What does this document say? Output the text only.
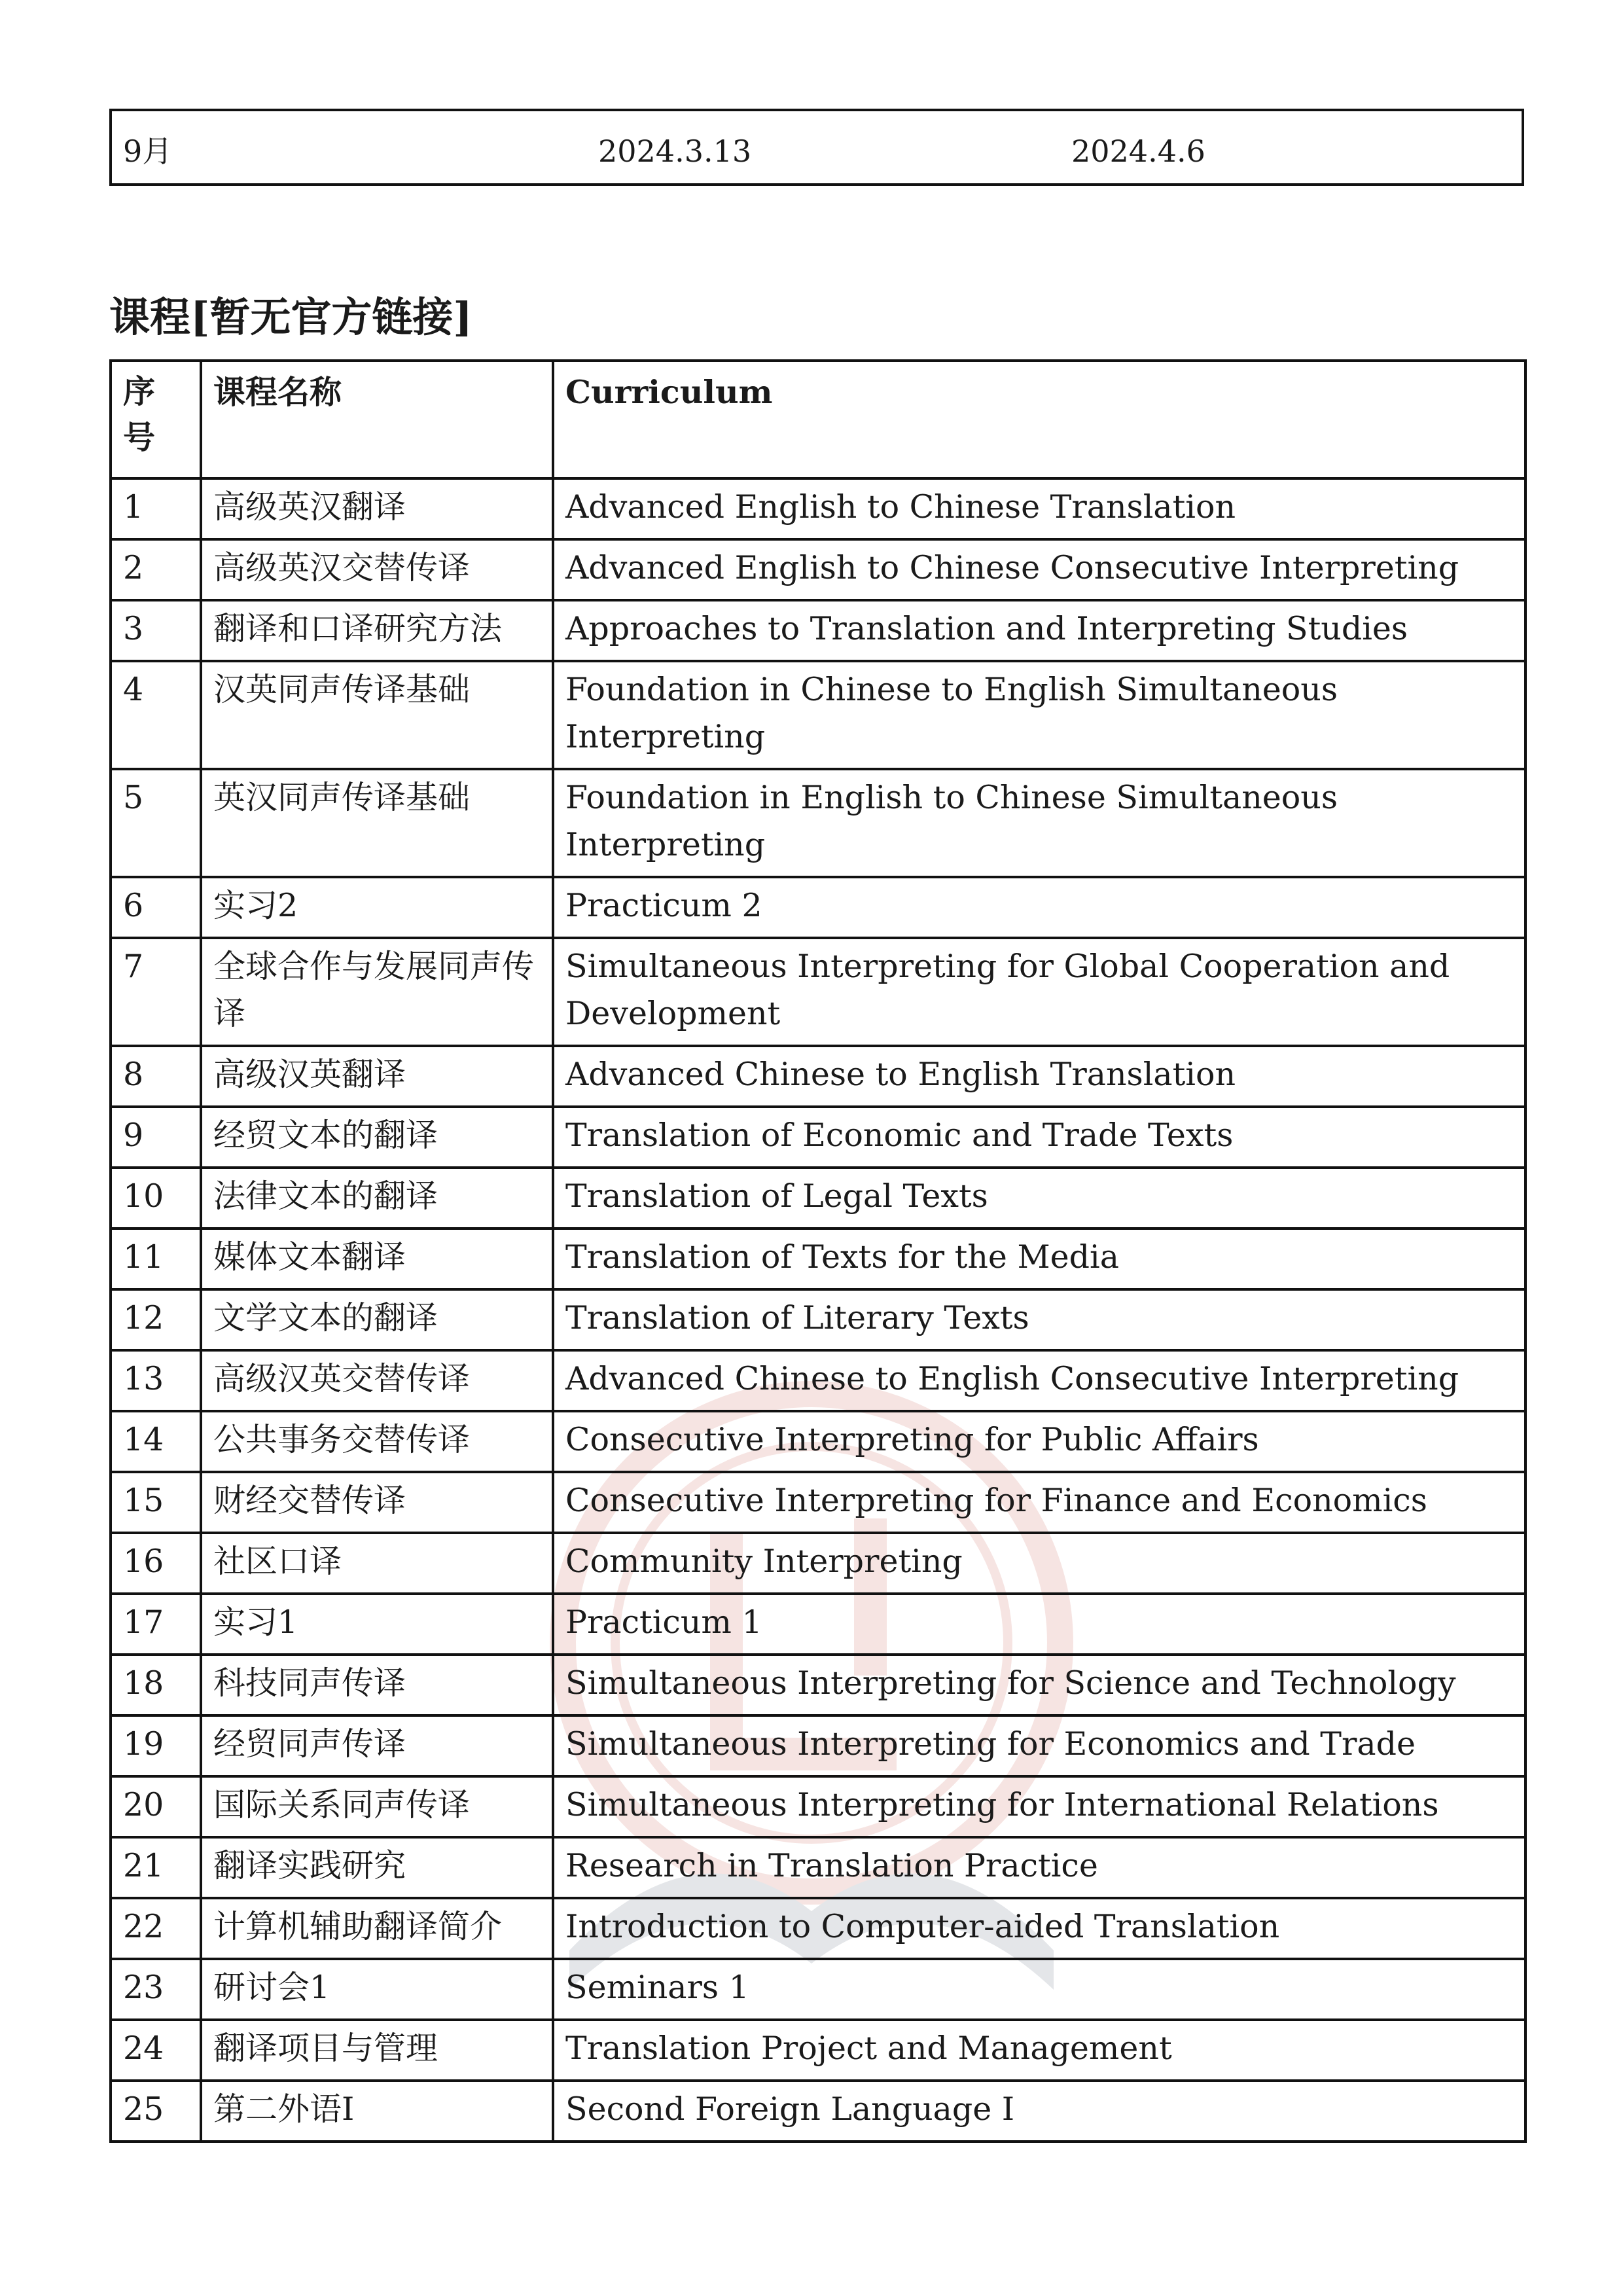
9月	2024.3.13	2024.4.6
课程[暂无官方链接]
序号	课程名称	Curriculum
1	高级英汉翻译	Advanced English to Chinese Translation
2	高级英汉交替传译	Advanced English to Chinese Consecutive Interpreting
3	翻译和口译研究方法	Approaches to Translation and Interpreting Studies
4	汉英同声传译基础	Foundation in Chinese to English Simultaneous Interpreting
5	英汉同声传译基础	Foundation in English to Chinese Simultaneous Interpreting
6	实习2	Practicum 2
7	全球合作与发展同声传译	Simultaneous Interpreting for Global Cooperation and Development
8	高级汉英翻译	Advanced Chinese to English Translation
9	经贸文本的翻译	Translation of Economic and Trade Texts
10	法律文本的翻译	Translation of Legal Texts
11	媒体文本翻译	Translation of Texts for the Media
12	文学文本的翻译	Translation of Literary Texts
13	高级汉英交替传译	Advanced Chinese to English Consecutive Interpreting
14	公共事务交替传译	Consecutive Interpreting for Public Affairs
15	财经交替传译	Consecutive Interpreting for Finance and Economics
16	社区口译	Community Interpreting
17	实习1	Practicum 1
18	科技同声传译	Simultaneous Interpreting for Science and Technology
19	经贸同声传译	Simultaneous Interpreting for Economics and Trade
20	国际关系同声传译	Simultaneous Interpreting for International Relations
21	翻译实践研究	Research in Translation Practice
22	计算机辅助翻译简介	Introduction to Computer-aided Translation
23	研讨会1	Seminars 1
24	翻译项目与管理	Translation Project and Management
25	第二外语I	Second Foreign Language I
